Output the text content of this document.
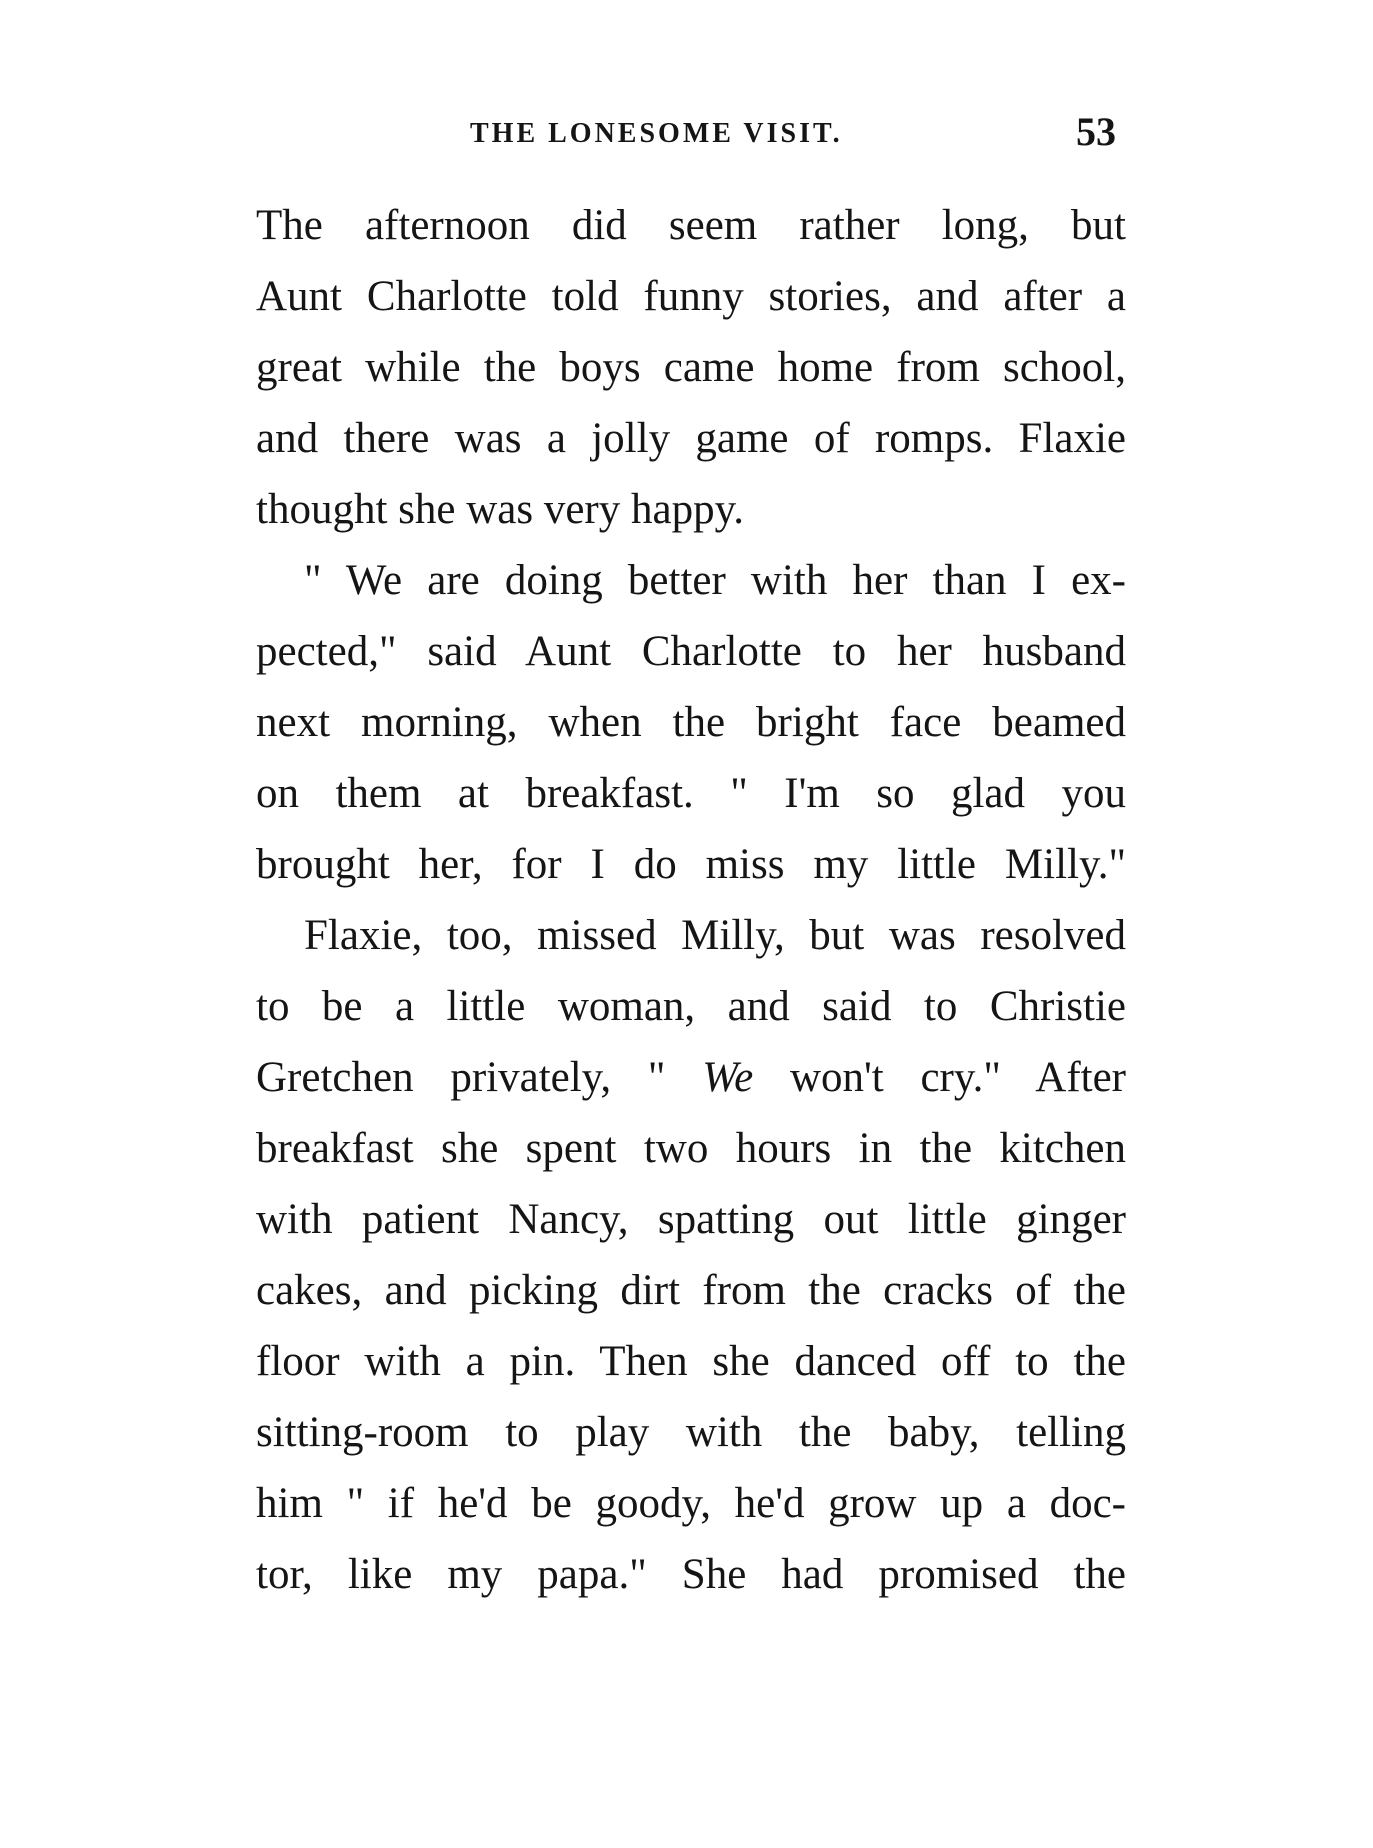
THE LONESOME VISIT.	53
The afternoon did seem rather long, but
Aunt Charlotte told funny stories, and after a
great while the boys came home from school,
and there was a jolly game of romps. Flaxie
thought she was very happy.
" We are doing better with her than I ex-
pected," said Aunt Charlotte to her husband
next morning, when the bright face beamed
on them at breakfast. " I'm so glad you
brought her, for I do miss my little Milly."
Flaxie, too, missed Milly, but was resolved
to be a little woman, and said to Christie
Gretchen privately, " We won't cry." After
breakfast she spent two hours in the kitchen
with patient Nancy, spatting out little ginger
cakes, and picking dirt from the cracks of the
floor with a pin. Then she danced off to the
sitting-room to play with the baby, telling
him " if he'd be goody, he'd grow up a doc-
tor, like my papa." She had promised the
